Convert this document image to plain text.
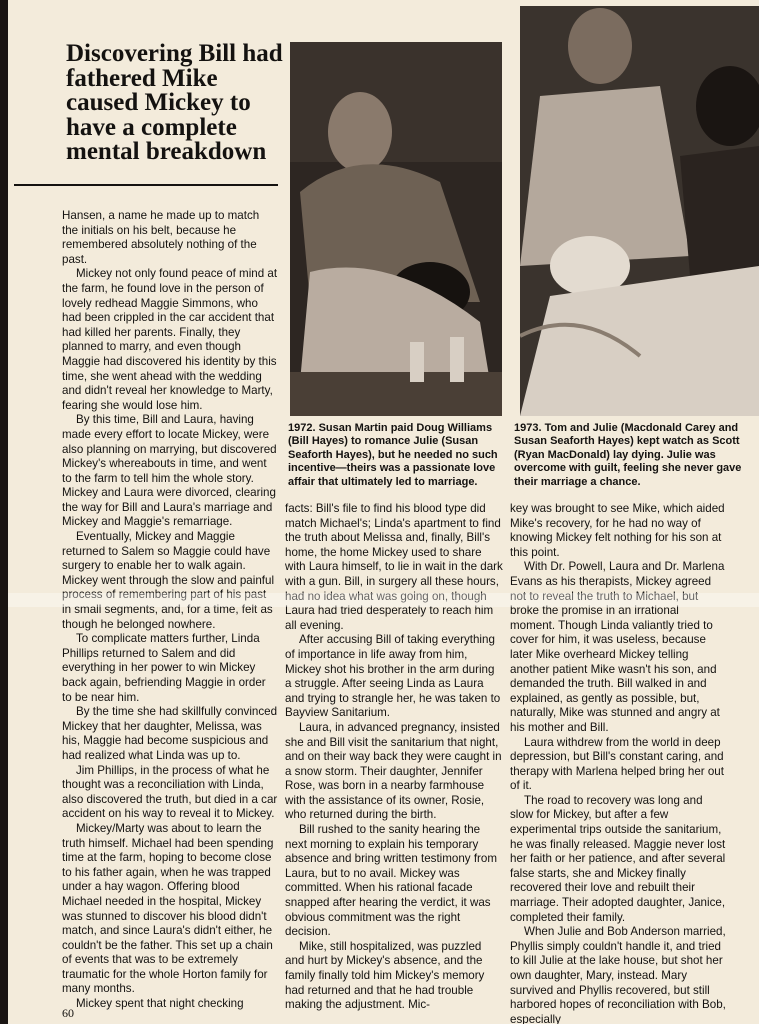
Discovering Bill had fathered Mike caused Mickey to have a complete mental breakdown

1972. Susan Martin paid Doug Williams (Bill Hayes) to romance Julie (Susan Seaforth Hayes), but he needed no such incentive—theirs was a passionate love affair that ultimately led to marriage.

1973. Tom and Julie (Macdonald Carey and Susan Seaforth Hayes) kept watch as Scott (Ryan MacDonald) lay dying. Julie was overcome with guilt, feeling she never gave their marriage a chance.

Hansen, a name he made up to match the initials on his belt, because he remembered absolutely nothing of the past.

Mickey not only found peace of mind at the farm, he found love in the person of lovely redhead Maggie Simmons, who had been crippled in the car accident that had killed her parents. Finally, they planned to marry, and even though Maggie had discovered his identity by this time, she went ahead with the wedding and didn't reveal her knowledge to Marty, fearing she would lose him.

By this time, Bill and Laura, having made every effort to locate Mickey, were also planning on marrying, but discovered Mickey's whereabouts in time, and went to the farm to tell him the whole story. Mickey and Laura were divorced, clearing the way for Bill and Laura's marriage and Mickey and Maggie's remarriage.

Eventually, Mickey and Maggie returned to Salem so Maggie could have surgery to enable her to walk again. Mickey went through the slow and painful process of remembering part of his past in small segments, and, for a time, felt as though he belonged nowhere.

To complicate matters further, Linda Phillips returned to Salem and did everything in her power to win Mickey back again, befriending Maggie in order to be near him.

By the time she had skillfully convinced Mickey that her daughter, Melissa, was his, Maggie had become suspicious and had realized what Linda was up to.

Jim Phillips, in the process of what he thought was a reconciliation with Linda, also discovered the truth, but died in a car accident on his way to reveal it to Mickey.

Mickey/Marty was about to learn the truth himself. Michael had been spending time at the farm, hoping to become close to his father again, when he was trapped under a hay wagon. Offering blood Michael needed in the hospital, Mickey was stunned to discover his blood didn't match, and since Laura's didn't either, he couldn't be the father. This set up a chain of events that was to be extremely traumatic for the whole Horton family for many months.

Mickey spent that night checking

facts: Bill's file to find his blood type did match Michael's; Linda's apartment to find the truth about Melissa and, finally, Bill's home, the home Mickey used to share with Laura himself, to lie in wait in the dark with a gun. Bill, in surgery all these hours, had no idea what was going on, though Laura had tried desperately to reach him all evening.

After accusing Bill of taking everything of importance in life away from him, Mickey shot his brother in the arm during a struggle. After seeing Linda as Laura and trying to strangle her, he was taken to Bayview Sanitarium.

Laura, in advanced pregnancy, insisted she and Bill visit the sanitarium that night, and on their way back they were caught in a snow storm. Their daughter, Jennifer Rose, was born in a nearby farmhouse with the assistance of its owner, Rosie, who returned during the birth.

Bill rushed to the sanity hearing the next morning to explain his temporary absence and bring written testimony from Laura, but to no avail. Mickey was committed. When his rational facade snapped after hearing the verdict, it was obvious commitment was the right decision.

Mike, still hospitalized, was puzzled and hurt by Mickey's absence, and the family finally told him Mickey's memory had returned and that he had trouble making the adjustment. Mic-

key was brought to see Mike, which aided Mike's recovery, for he had no way of knowing Mickey felt nothing for his son at this point.

With Dr. Powell, Laura and Dr. Marlena Evans as his therapists, Mickey agreed not to reveal the truth to Michael, but broke the promise in an irrational moment. Though Linda valiantly tried to cover for him, it was useless, because later Mike overheard Mickey telling another patient Mike wasn't his son, and demanded the truth. Bill walked in and explained, as gently as possible, but, naturally, Mike was stunned and angry at his mother and Bill.

Laura withdrew from the world in deep depression, but Bill's constant caring, and therapy with Marlena helped bring her out of it.

The road to recovery was long and slow for Mickey, but after a few experimental trips outside the sanitarium, he was finally released. Maggie never lost her faith or her patience, and after several false starts, she and Mickey finally recovered their love and rebuilt their marriage. Their adopted daughter, Janice, completed their family.

When Julie and Bob Anderson married, Phyllis simply couldn't handle it, and tried to kill Julie at the lake house, but shot her own daughter, Mary, instead. Mary survived and Phyllis recovered, but still harbored hopes of reconciliation with Bob, especially

60
